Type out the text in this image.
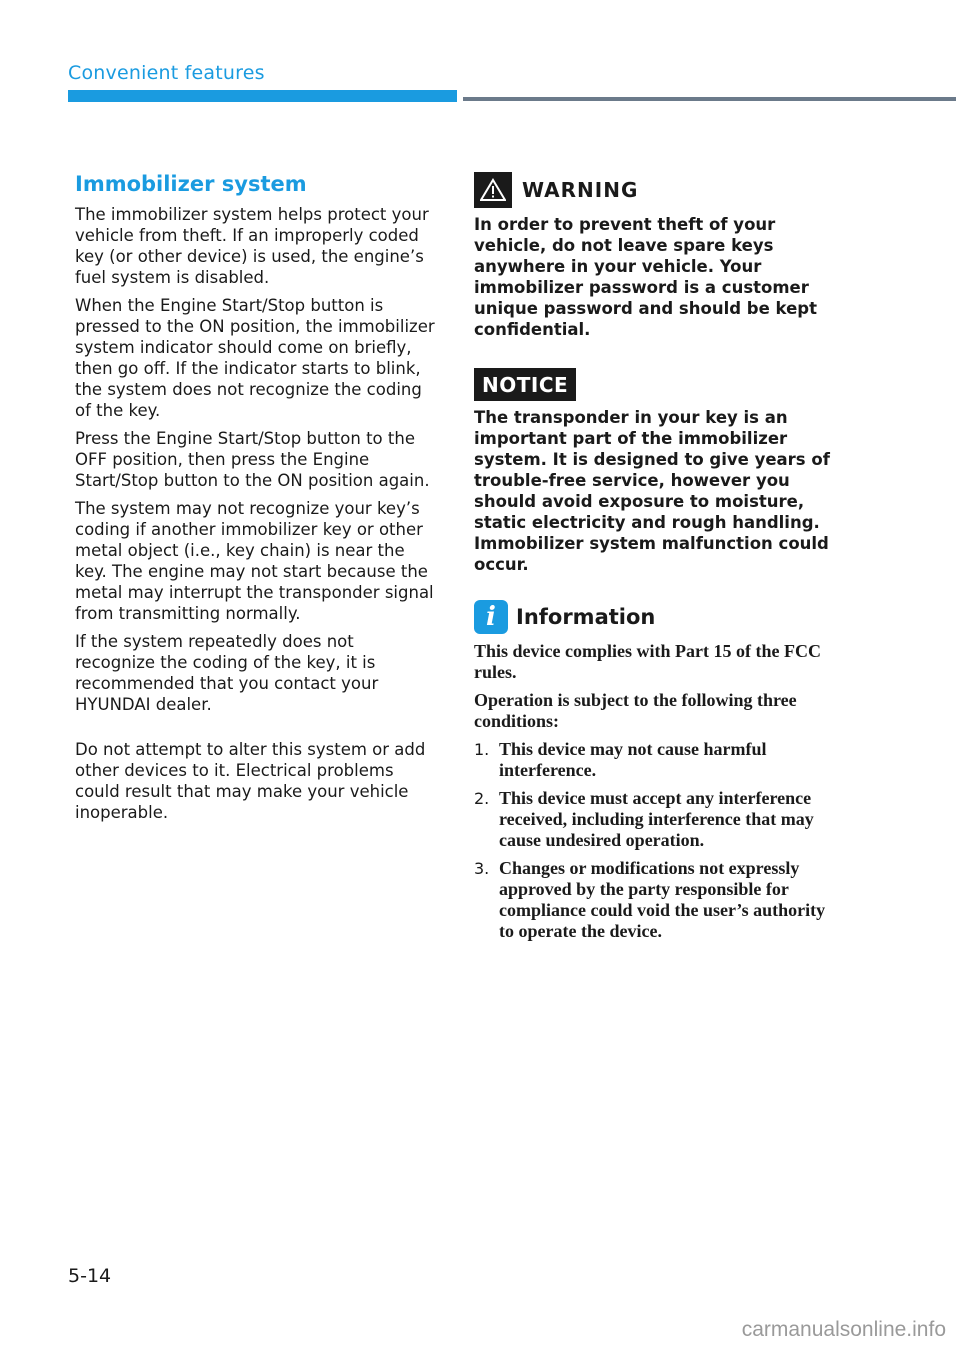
Convenient features
Immobilizer system

The immobilizer system helps protect your vehicle from theft. If an improperly coded key (or other device) is used, the engine’s fuel system is disabled.

When the Engine Start/Stop button is pressed to the ON position, the immobilizer system indicator should come on briefly, then go off. If the indicator starts to blink, the system does not recognize the coding of the key.

Press the Engine Start/Stop button to the OFF position, then press the Engine Start/Stop button to the ON position again.

The system may not recognize your key’s coding if another immobilizer key or other metal object (i.e., key chain) is near the key. The engine may not start because the metal may interrupt the transponder signal from transmitting normally.

If the system repeatedly does not recognize the coding of the key, it is recommended that you contact your HYUNDAI dealer.

Do not attempt to alter this system or add other devices to it. Electrical problems could result that may make your vehicle inoperable.

WARNING

In order to prevent theft of your vehicle, do not leave spare keys anywhere in your vehicle. Your immobilizer password is a customer unique password and should be kept confidential.

NOTICE

The transponder in your key is an important part of the immobilizer system. It is designed to give years of trouble-free service, however you should avoid exposure to moisture, static electricity and rough handling. Immobilizer system malfunction could occur.

i Information

This device complies with Part 15 of the FCC rules.

Operation is subject to the following three conditions:

1. This device may not cause harmful interference.
2. This device must accept any interference received, including interference that may cause undesired operation.
3. Changes or modifications not expressly approved by the party responsible for compliance could void the user’s authority to operate the device.
5-14
carmanualsonline.info
